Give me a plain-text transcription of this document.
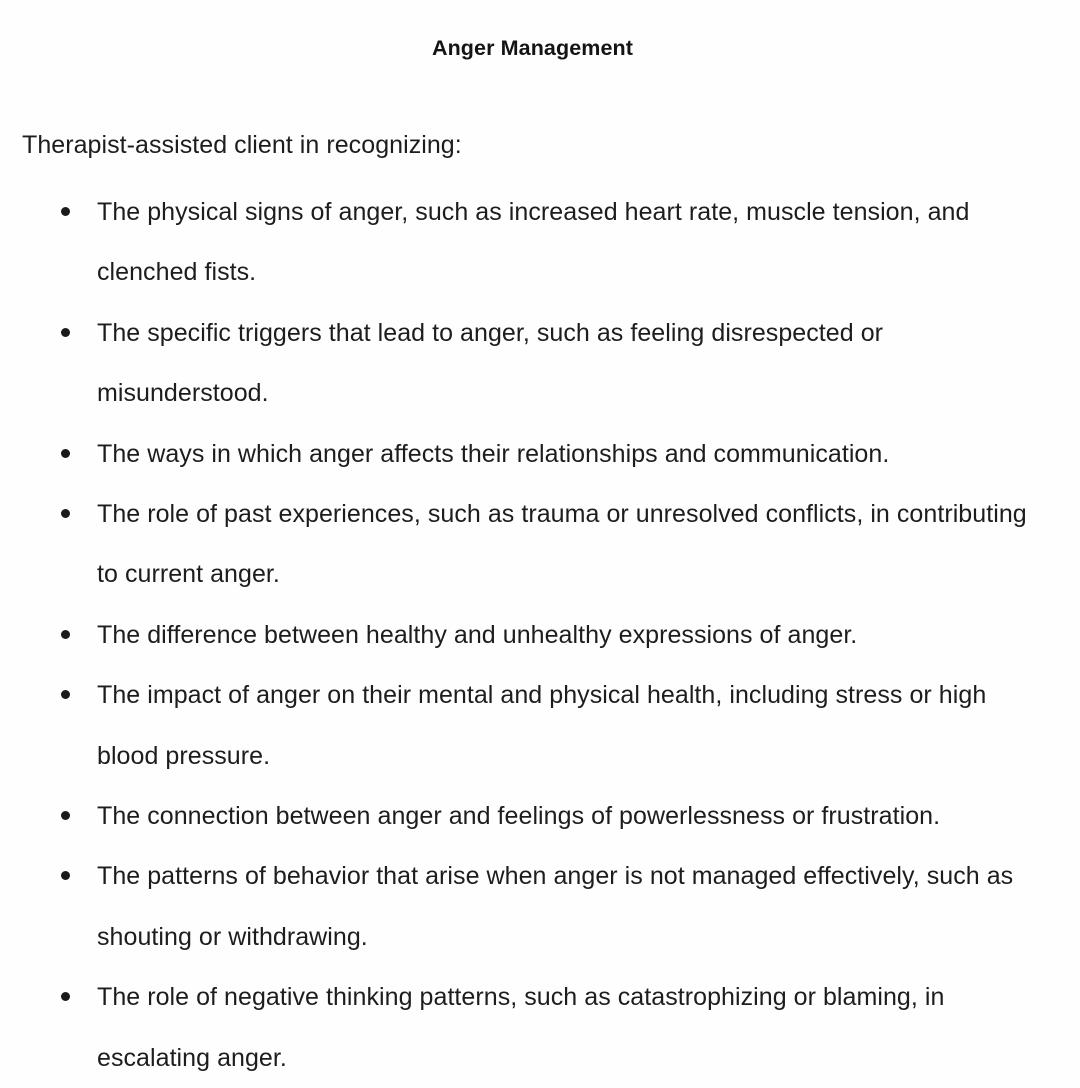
Anger Management

Therapist-assisted client in recognizing:

The physical signs of anger, such as increased heart rate, muscle tension, and clenched fists.
The specific triggers that lead to anger, such as feeling disrespected or misunderstood.
The ways in which anger affects their relationships and communication.
The role of past experiences, such as trauma or unresolved conflicts, in contributing to current anger.
The difference between healthy and unhealthy expressions of anger.
The impact of anger on their mental and physical health, including stress or high blood pressure.
The connection between anger and feelings of powerlessness or frustration.
The patterns of behavior that arise when anger is not managed effectively, such as shouting or withdrawing.
The role of negative thinking patterns, such as catastrophizing or blaming, in escalating anger.
